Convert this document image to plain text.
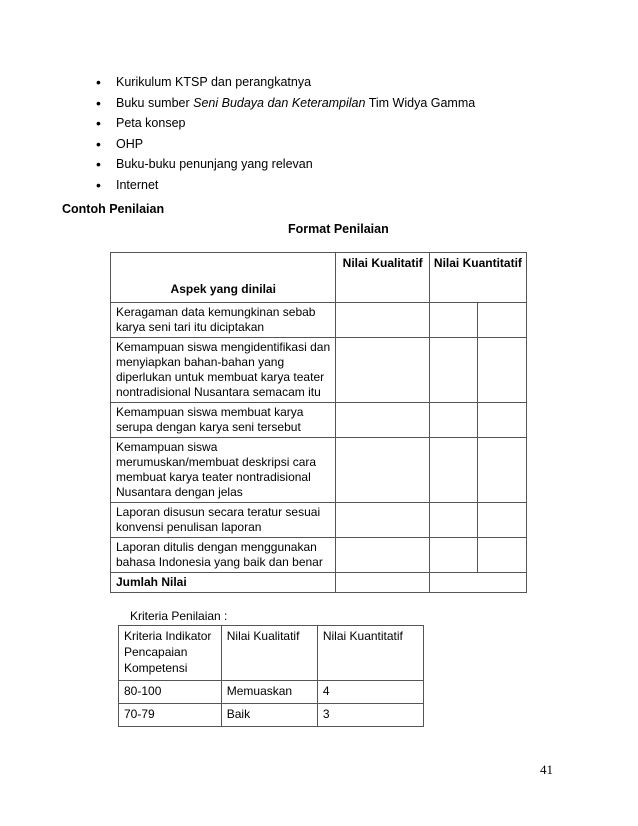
• Kurikulum KTSP dan perangkatnya
• Buku sumber Seni Budaya dan Keterampilan Tim Widya Gamma
• Peta konsep
• OHP
• Buku-buku penunjang yang relevan
• Internet
Contoh Penilaian
Format Penilaian
Aspek yang dinilai	Nilai Kualitatif	Nilai Kuantitatif	
Keragaman data kemungkinan sebab karya seni tari itu diciptakan			
Kemampuan siswa mengidentifikasi dan menyiapkan bahan-bahan yang diperlukan untuk membuat karya teater nontradisional Nusantara semacam itu			
Kemampuan siswa membuat karya serupa dengan karya seni tersebut			
Kemampuan siswa merumuskan/membuat deskripsi cara membuat karya teater nontradisional Nusantara dengan jelas			
Laporan disusun secara teratur sesuai konvensi penulisan laporan			
Laporan ditulis dengan menggunakan bahasa Indonesia yang baik dan benar			
Jumlah Nilai			
Kriteria Penilaian :
Kriteria Indikator Pencapaian Kompetensi	Nilai Kualitatif	Nilai Kuantitatif
80-100	Memuaskan	4
70-79	Baik	3
41
